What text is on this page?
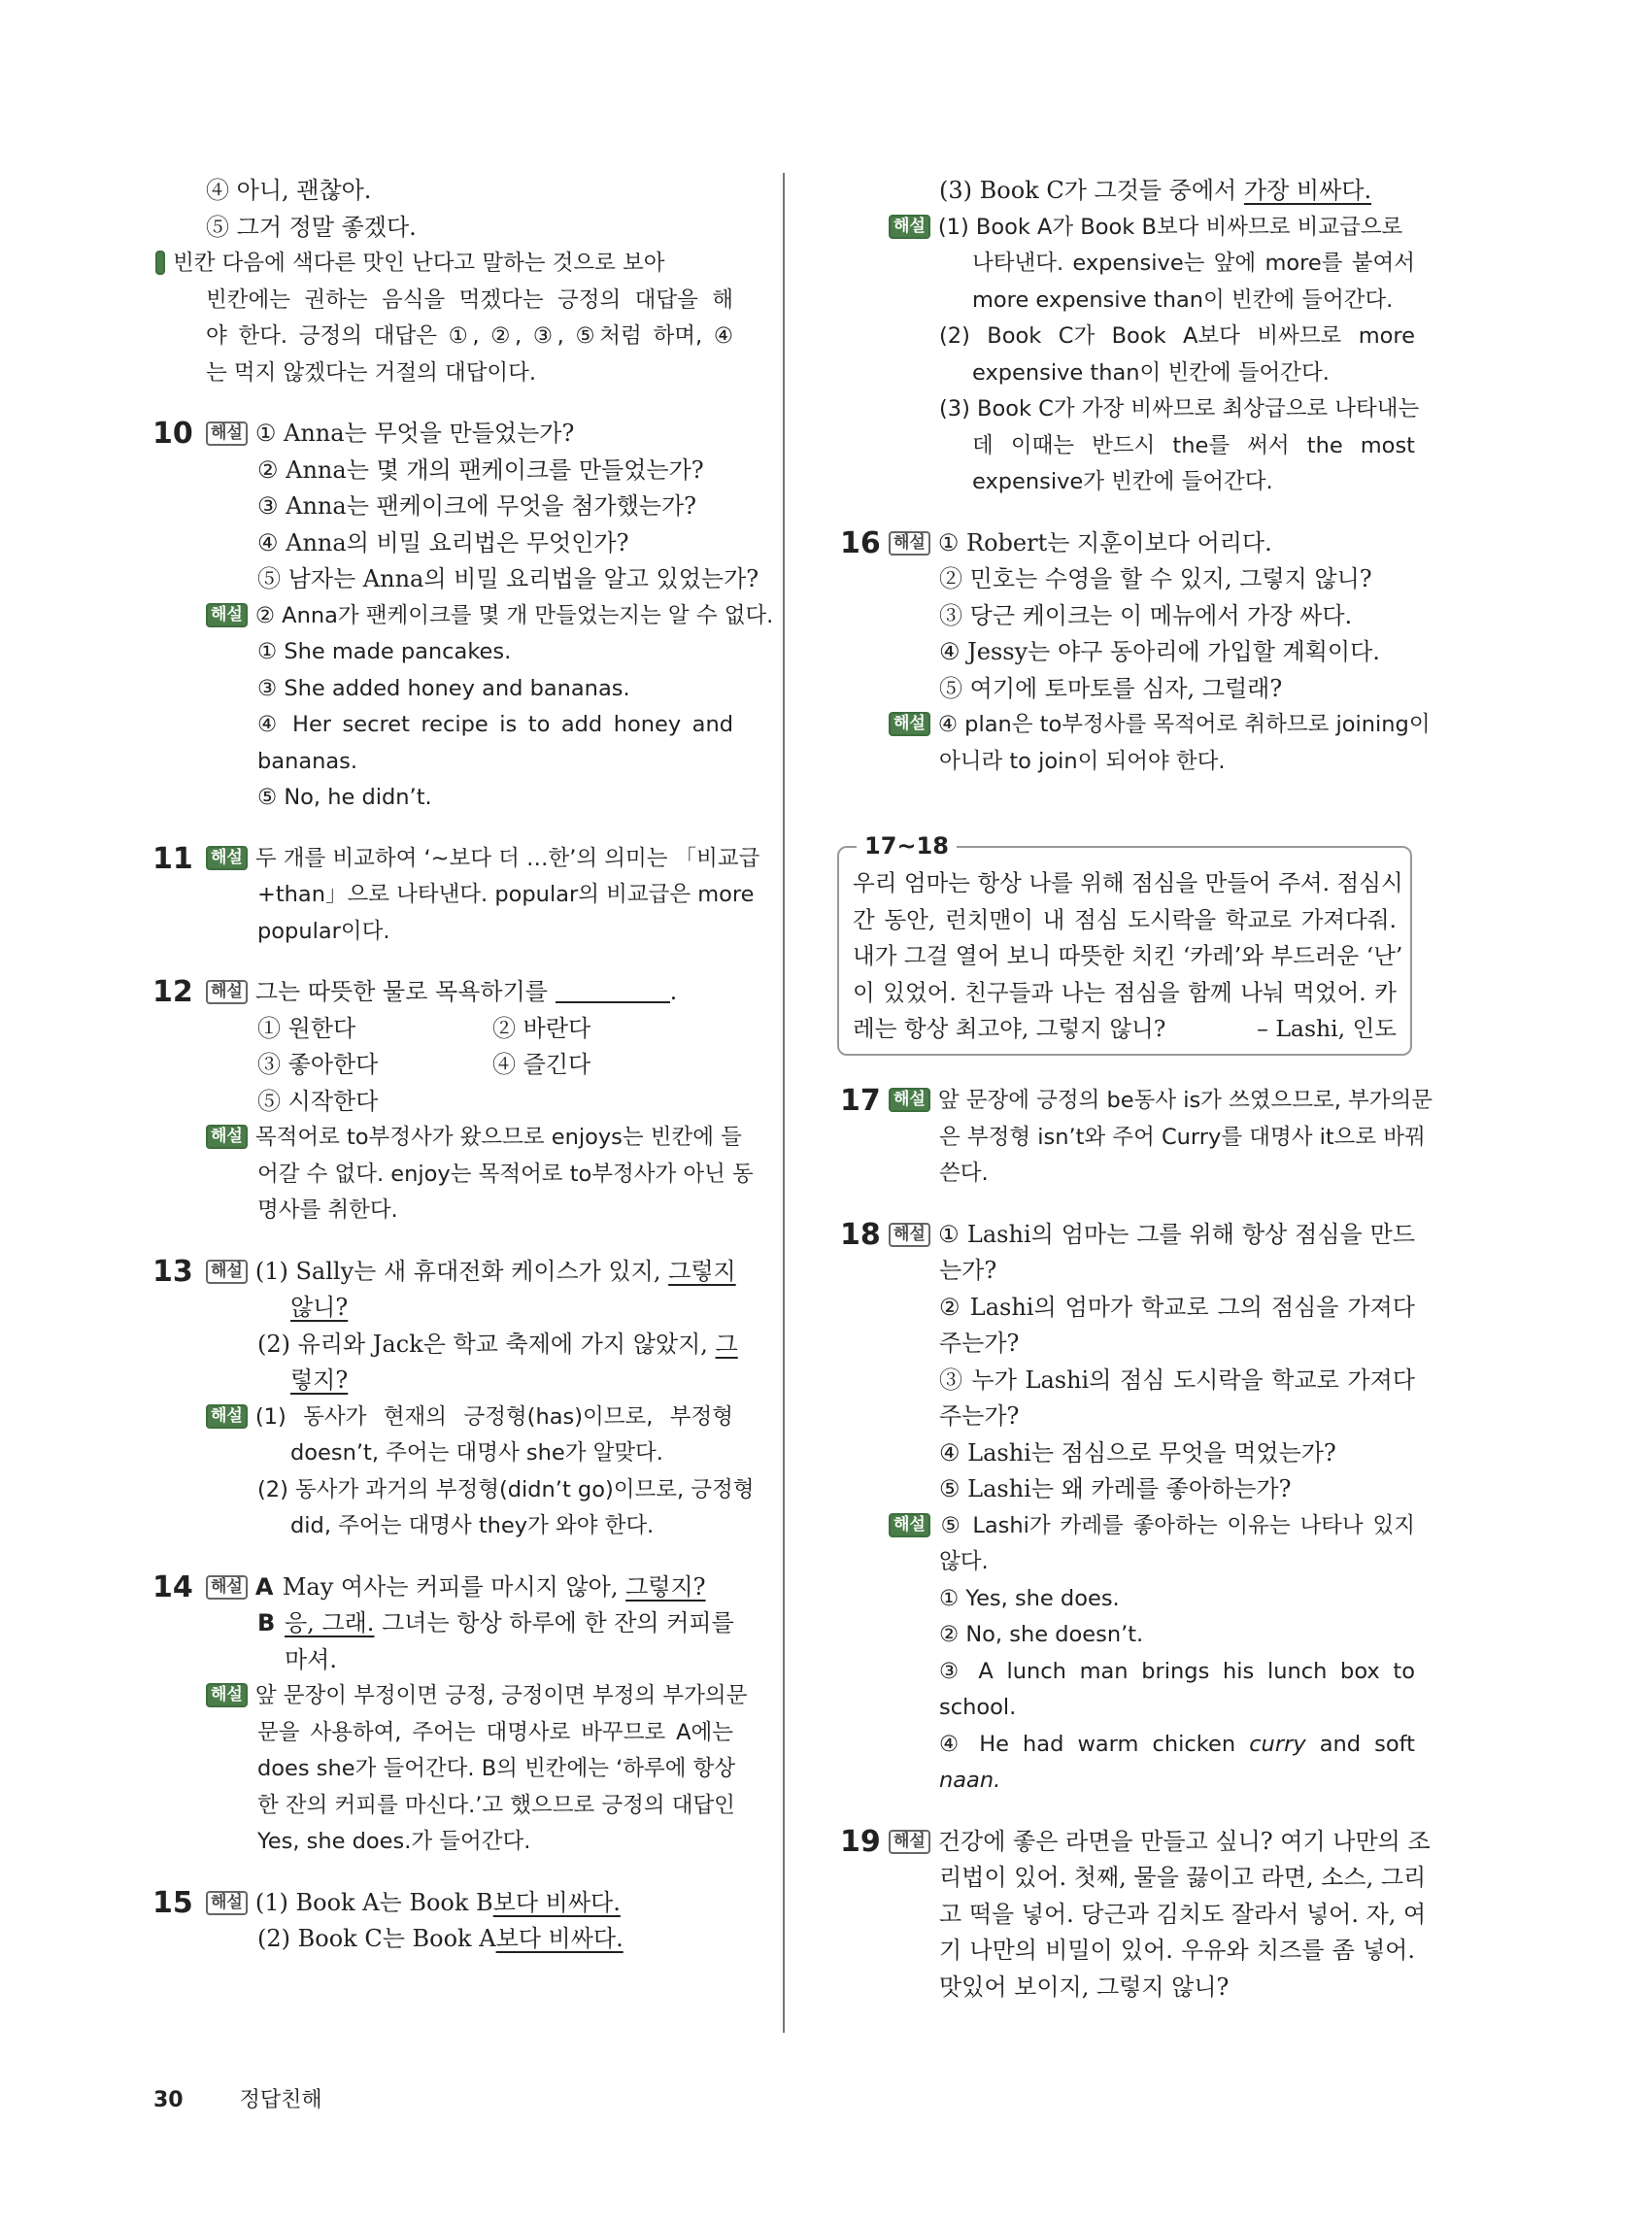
④ 아니, 괜찮아.
⑤ 그거 정말 좋겠다.
해설 빈칸 다음에 색다른 맛인 난다고 말하는 것으로 보아
빈칸에는 권하는 음식을 먹겠다는 긍정의 대답을 해
야 한다. 긍정의 대답은 ①, ②, ③, ⑤처럼 하며, ④
는 먹지 않겠다는 거절의 대답이다.
10	해설 ① Anna는 무엇을 만들었는가?
② Anna는 몇 개의 팬케이크를 만들었는가?
③ Anna는 팬케이크에 무엇을 첨가했는가?
④ Anna의 비밀 요리법은 무엇인가?
⑤ 남자는 Anna의 비밀 요리법을 알고 있었는가?
해설 ② Anna가 팬케이크를 몇 개 만들었는지는 알 수 없다.
① She made pancakes.
③ She added honey and bananas.
④ Her secret recipe is to add honey and
bananas.
⑤ No, he didn’t.
11	해설 두 개를 비교하여 ‘~보다 더 …한’의 의미는 「비교급
+than」으로 나타낸다. popular의 비교급은 more
popular이다.
12	해설 그는 따뜻한 물로 목욕하기를	.
① 원한다	② 바란다
③ 좋아한다	④ 즐긴다
⑤ 시작한다
해설 목적어로 to부정사가 왔으므로 enjoys는 빈칸에 들
어갈 수 없다. enjoy는 목적어로 to부정사가 아닌 동
명사를 취한다.
13	해설 (1) Sally는 새 휴대전화 케이스가 있지, 그렇지
않니?
(2) 유리와 Jack은 학교 축제에 가지 않았지, 그
렇지?
해설 (1) 동사가 현재의 긍정형(has)이므로, 부정형
doesn’t, 주어는 대명사 she가 알맞다.
(2) 동사가 과거의 부정형(didn’t go)이므로, 긍정형
did, 주어는 대명사 they가 와야 한다.
14	해설 A May 여사는 커피를 마시지 않아, 그렇지?
B 응, 그래. 그녀는 항상 하루에 한 잔의 커피를
마셔.
해설 앞 문장이 부정이면 긍정, 긍정이면 부정의 부가의문
문을 사용하여, 주어는 대명사로 바꾸므로 A에는
does she가 들어간다. B의 빈칸에는 ‘하루에 항상
한 잔의 커피를 마신다.’고 했으므로 긍정의 대답인
Yes, she does.가 들어간다.
15	해설 (1) Book A는 Book B보다 비싸다.
(2) Book C는 Book A보다 비싸다.
(3) Book C가 그것들 중에서 가장 비싸다.
해설 (1) Book A가 Book B보다 비싸므로 비교급으로
나타낸다. expensive는 앞에 more를 붙여서
more expensive than이 빈칸에 들어간다.
(2) Book C가 Book A보다 비싸므로 more
expensive than이 빈칸에 들어간다.
(3) Book C가 가장 비싸므로 최상급으로 나타내는
데 이때는 반드시 the를 써서 the most
expensive가 빈칸에 들어간다.
16 해설 ① Robert는 지훈이보다 어리다.
② 민호는 수영을 할 수 있지, 그렇지 않니?
③ 당근 케이크는 이 메뉴에서 가장 싸다.
④ Jessy는 야구 동아리에 가입할 계획이다.
⑤ 여기에 토마토를 심자, 그럴래?
해설 ④ plan은 to부정사를 목적어로 취하므로 joining이
아니라 to join이 되어야 한다.
17~18
우리 엄마는 항상 나를 위해 점심을 만들어 주셔. 점심시
간 동안, 런치맨이 내 점심 도시락을 학교로 가져다줘.
내가 그걸 열어 보니 따뜻한 치킨 ‘카레’와 부드러운 ‘난’
이 있었어. 친구들과 나는 점심을 함께 나눠 먹었어. 카
레는 항상 최고야, 그렇지 않니?	– Lashi, 인도
17 해설 앞 문장에 긍정의 be동사 is가 쓰였으므로, 부가의문
은 부정형 isn’t와 주어 Curry를 대명사 it으로 바꿔
쓴다.
18 해설 ① Lashi의 엄마는 그를 위해 항상 점심을 만드
는가?
② Lashi의 엄마가 학교로 그의 점심을 가져다
주는가?
③ 누가 Lashi의 점심 도시락을 학교로 가져다
주는가?
④ Lashi는 점심으로 무엇을 먹었는가?
⑤ Lashi는 왜 카레를 좋아하는가?
해설 ⑤ Lashi가 카레를 좋아하는 이유는 나타나 있지
않다.
① Yes, she does.
② No, she doesn’t.
③ A lunch man brings his lunch box to
school.
④ He had warm chicken curry and soft
naan.
19 해설 건강에 좋은 라면을 만들고 싶니? 여기 나만의 조
리법이 있어. 첫째, 물을 끓이고 라면, 소스, 그리
고 떡을 넣어. 당근과 김치도 잘라서 넣어. 자, 여
기 나만의 비밀이 있어. 우유와 치즈를 좀 넣어.
맛있어 보이지, 그렇지 않니?
30	정답친해
